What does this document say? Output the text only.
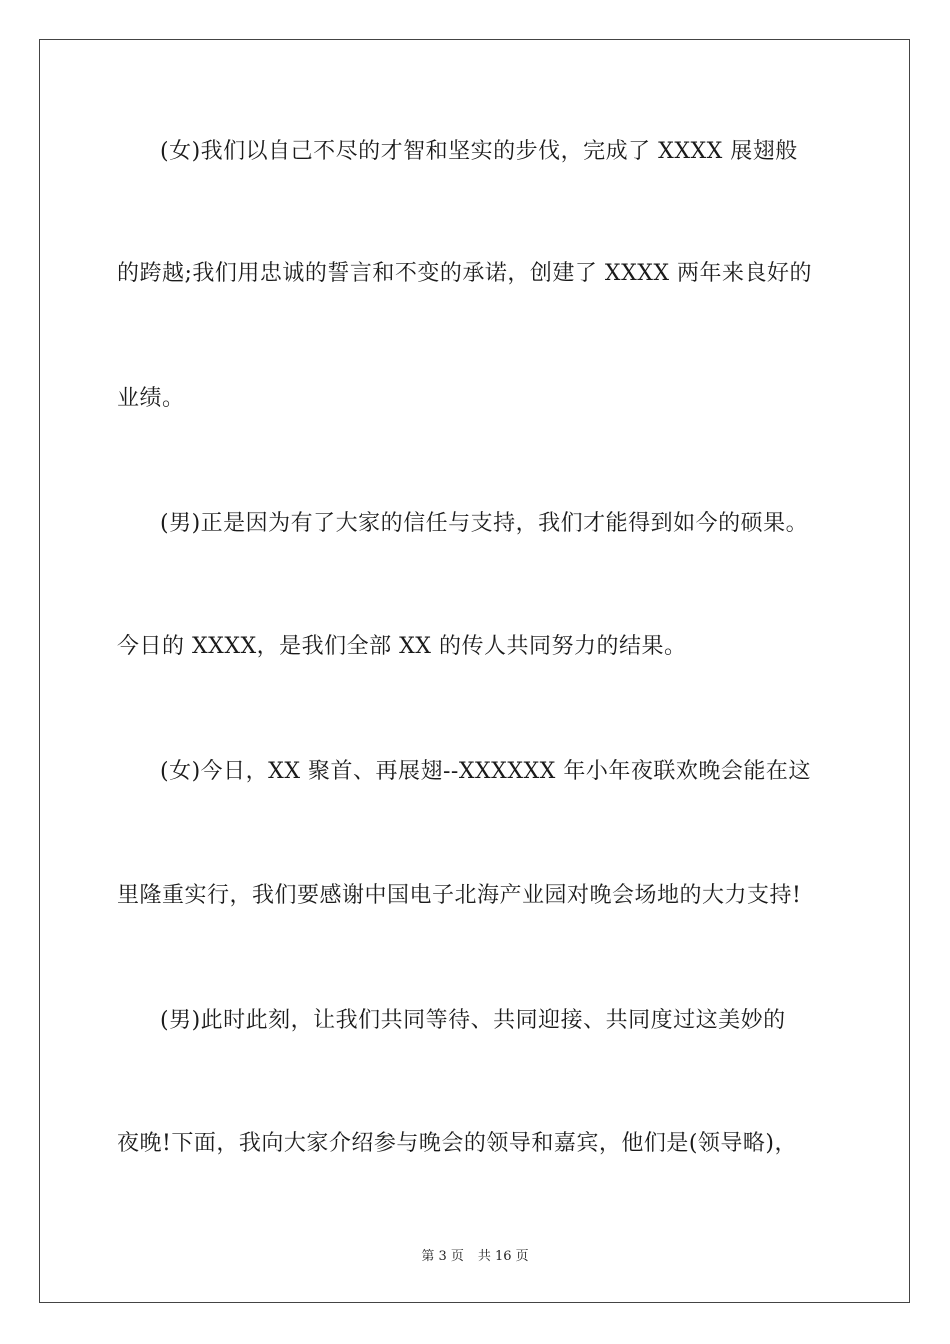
(女)我们以自己不尽的才智和坚实的步伐，完成了 XXXX 展翅般
的跨越;我们用忠诚的誓言和不变的承诺，创建了 XXXX 两年来良好的
业绩。
(男)正是因为有了大家的信任与支持，我们才能得到如今的硕果。
今日的 XXXX，是我们全部 XX 的传人共同努力的结果。
(女)今日，XX 聚首、再展翅--XXXXXX 年小年夜联欢晚会能在这
里隆重实行，我们要感谢中国电子北海产业园对晚会场地的大力支持!
(男)此时此刻，让我们共同等待、共同迎接、共同度过这美妙的
夜晚!下面，我向大家介绍参与晚会的领导和嘉宾，他们是(领导略)，
第 3 页 共 16 页
